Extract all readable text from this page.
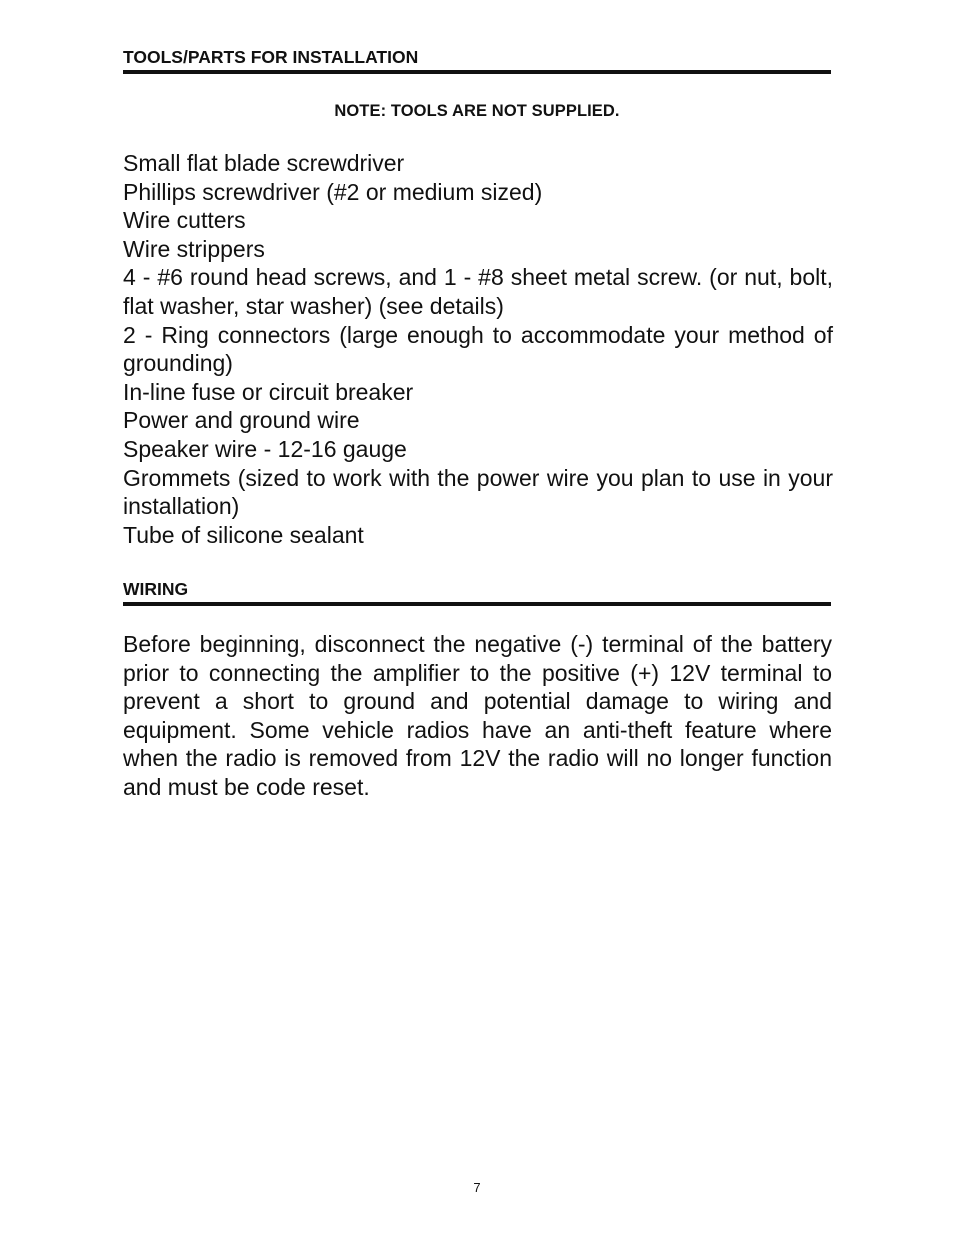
TOOLS/PARTS FOR INSTALLATION
NOTE: TOOLS ARE NOT SUPPLIED.
Small flat blade screwdriver
Phillips screwdriver (#2 or medium sized)
Wire cutters
Wire strippers
4 - #6 round head screws, and 1 - #8 sheet metal screw. (or nut, bolt, flat washer, star washer) (see details)
2 - Ring connectors (large enough to accommodate your method of grounding)
In-line fuse or circuit breaker
Power and ground wire
Speaker wire - 12-16 gauge
Grommets (sized to work with the power wire you plan to use in your installation)
Tube of silicone sealant
WIRING

Before beginning, disconnect the negative (-) terminal of the battery prior to connecting the amplifier to the positive (+) 12V terminal to prevent a short to ground and potential damage to wiring and equipment. Some vehicle radios have an anti-theft feature where when the radio is removed from 12V the radio will no longer function and must be code reset.

7
